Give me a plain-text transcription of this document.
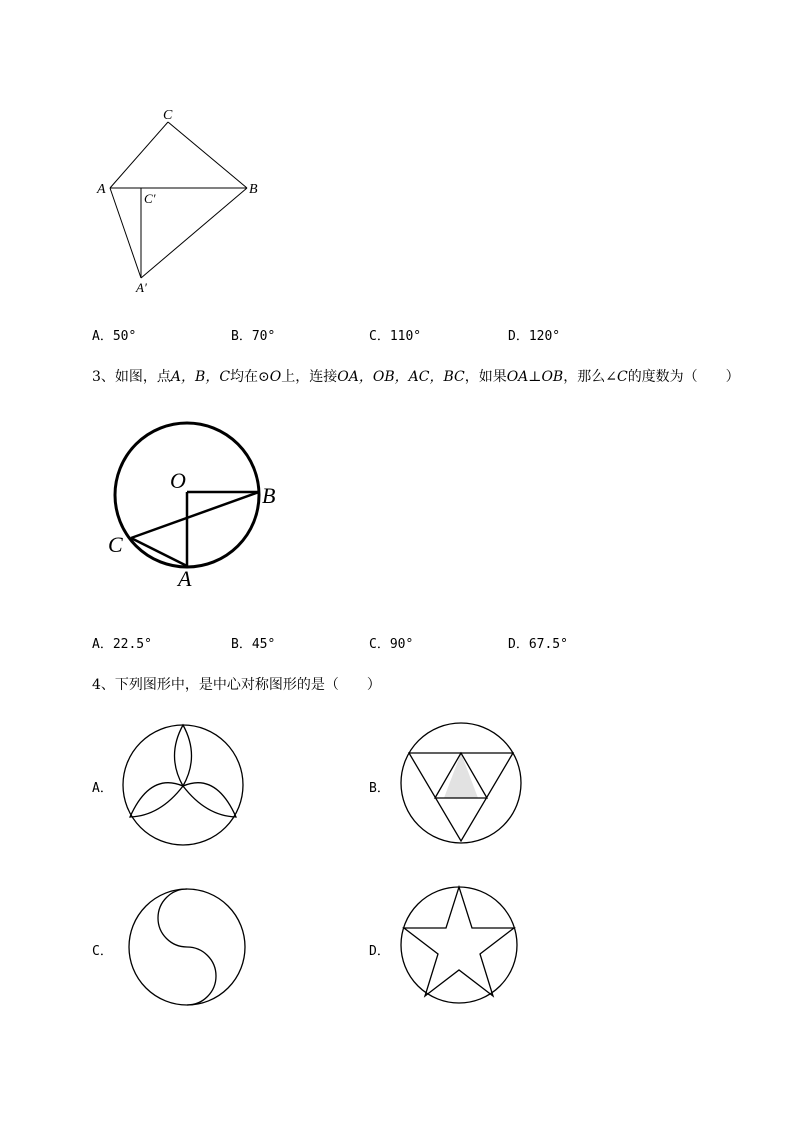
C
A	B
C′
A′
A．50°	B．70°	C．110°	D．120°
3、如图，点A，B，C均在⊙O上，连接OA，OB，AC，BC，如果OA⊥OB，那么∠C的度数为（　　）
O
B
C
A
A．22.5°	B．45°	C．90°	D．67.5°
4、下列图形中，是中心对称图形的是（　　）
A．	B．
C．	D．
